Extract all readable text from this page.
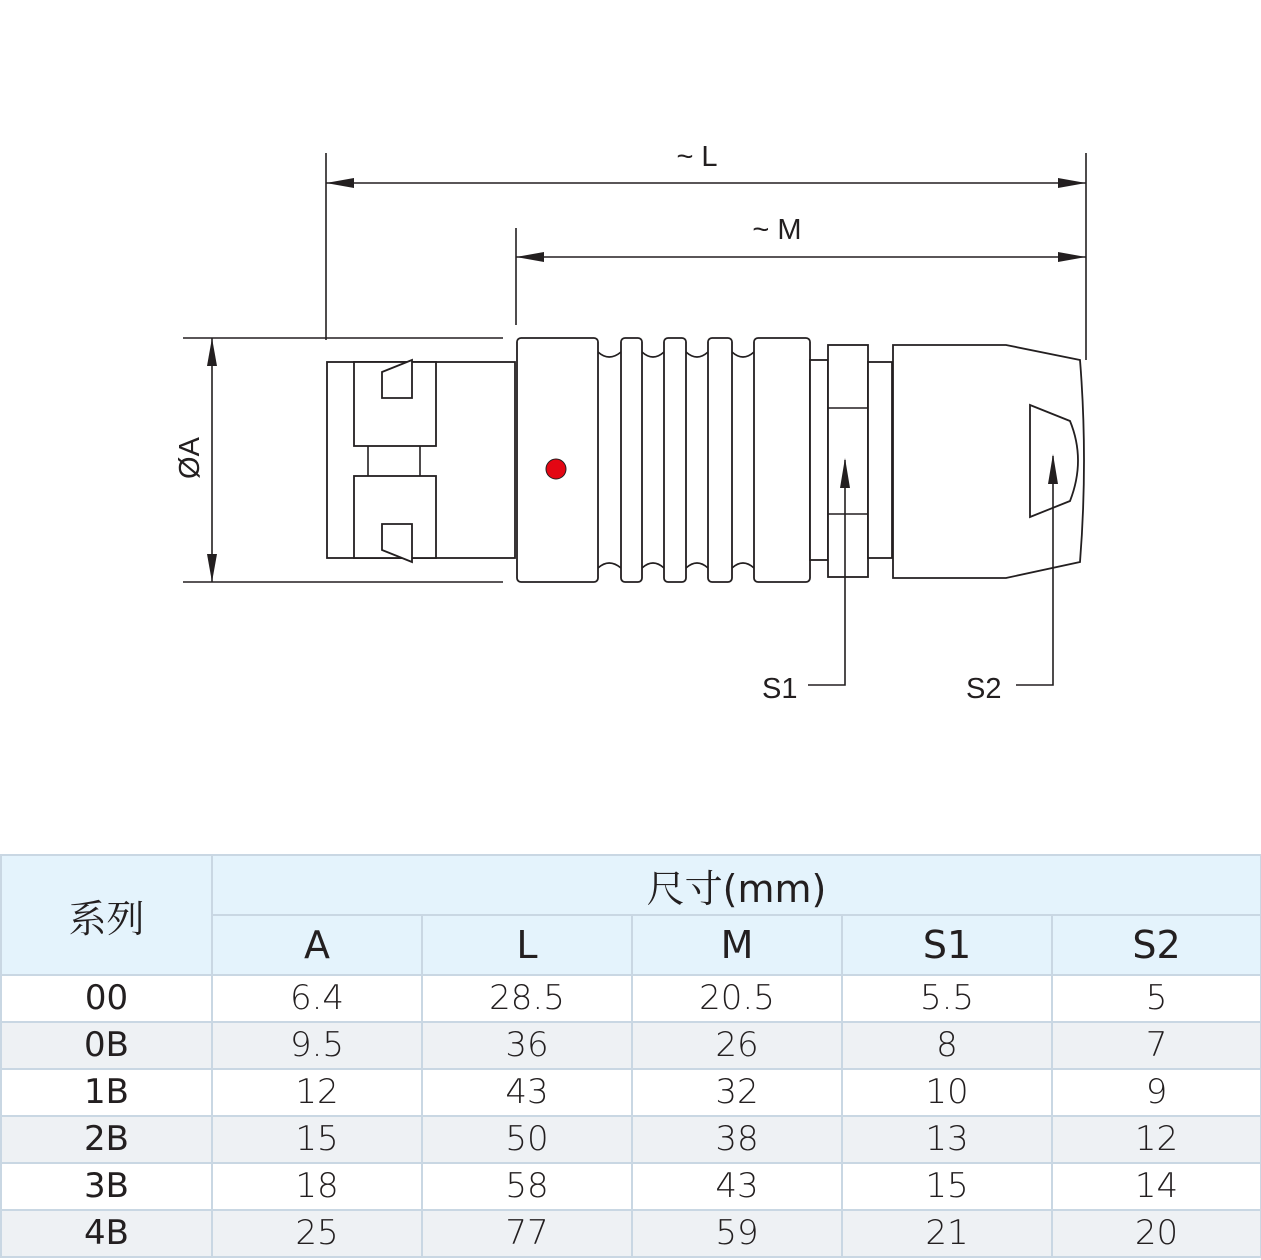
~ L
~ M
ØA
S1	S2
系列	尺寸(mm)				
	A	L	M	S1	S2
00	6.4	28.5	20.5	5.5	5
0B	9.5	36	26	8	7
1B	12	43	32	10	9
2B	15	50	38	13	12
3B	18	58	43	15	14
4B	25	77	59	21	20
